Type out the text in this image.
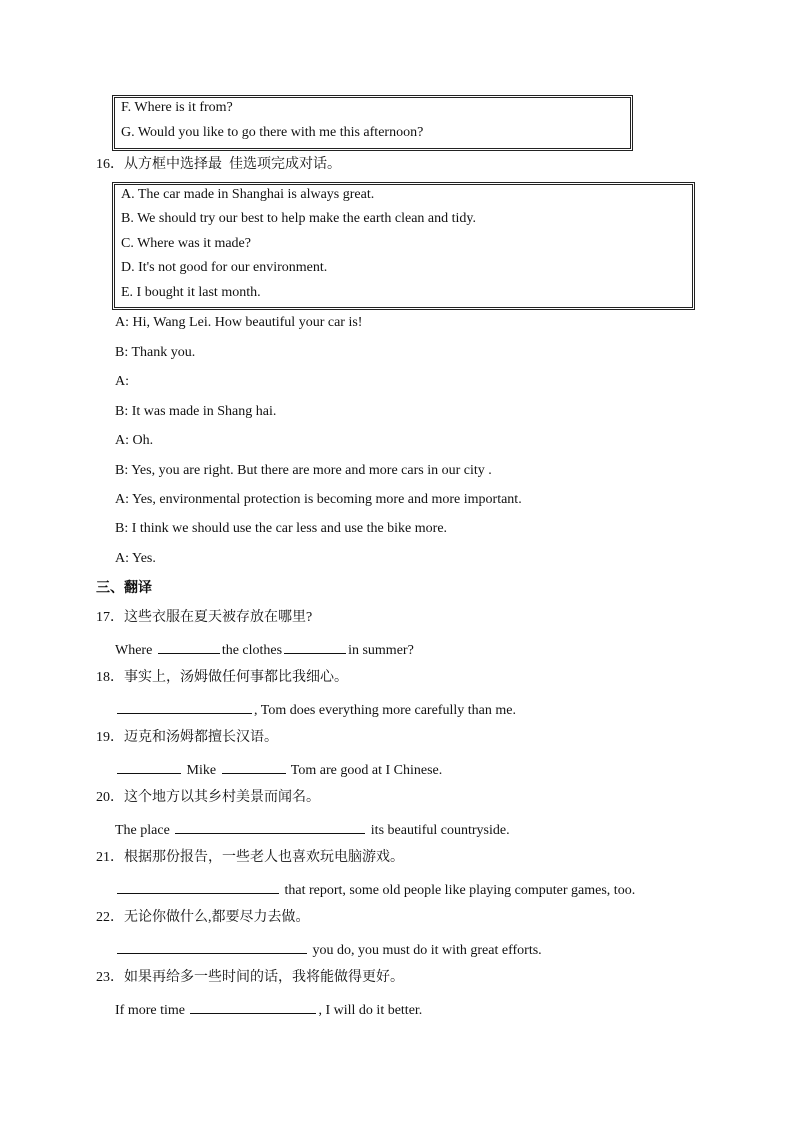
F. Where is it from?
G. Would you like to go there with me this afternoon?
16．从方框中选择最  佳选项完成对话。
A. The car made in Shanghai is always great.
B. We should try our best to help make the earth clean and tidy.
C. Where was it made?
D. It's not good for our environment.
E. I bought it last month.
A: Hi, Wang Lei. How beautiful your car is!
B: Thank you.
A:
B: It was made in Shang hai.
A: Oh.
B: Yes, you are right. But there are more and more cars in our city .
A: Yes, environmental protection is becoming more and more important.
B: I think we should use the car less and use the bike more.
A: Yes.
三、翻译
17．这些衣服在夏天被存放在哪里?
Where	the clothes	in summer?
18．事实上，汤姆做任何事都比我细心。
, Tom does everything more carefully than me.
19．迈克和汤姆都擅长汉语。
Mike	Tom are good at I Chinese.
20．这个地方以其乡村美景而闻名。
The place	its beautiful countryside.
21．根据那份报告，一些老人也喜欢玩电脑游戏。
that report, some old people like playing computer games, too.
22．无论你做什么,都要尽力去做。
you do, you must do it with great efforts.
23．如果再给多一些时间的话，我将能做得更好。
If more time	, I will do it better.
